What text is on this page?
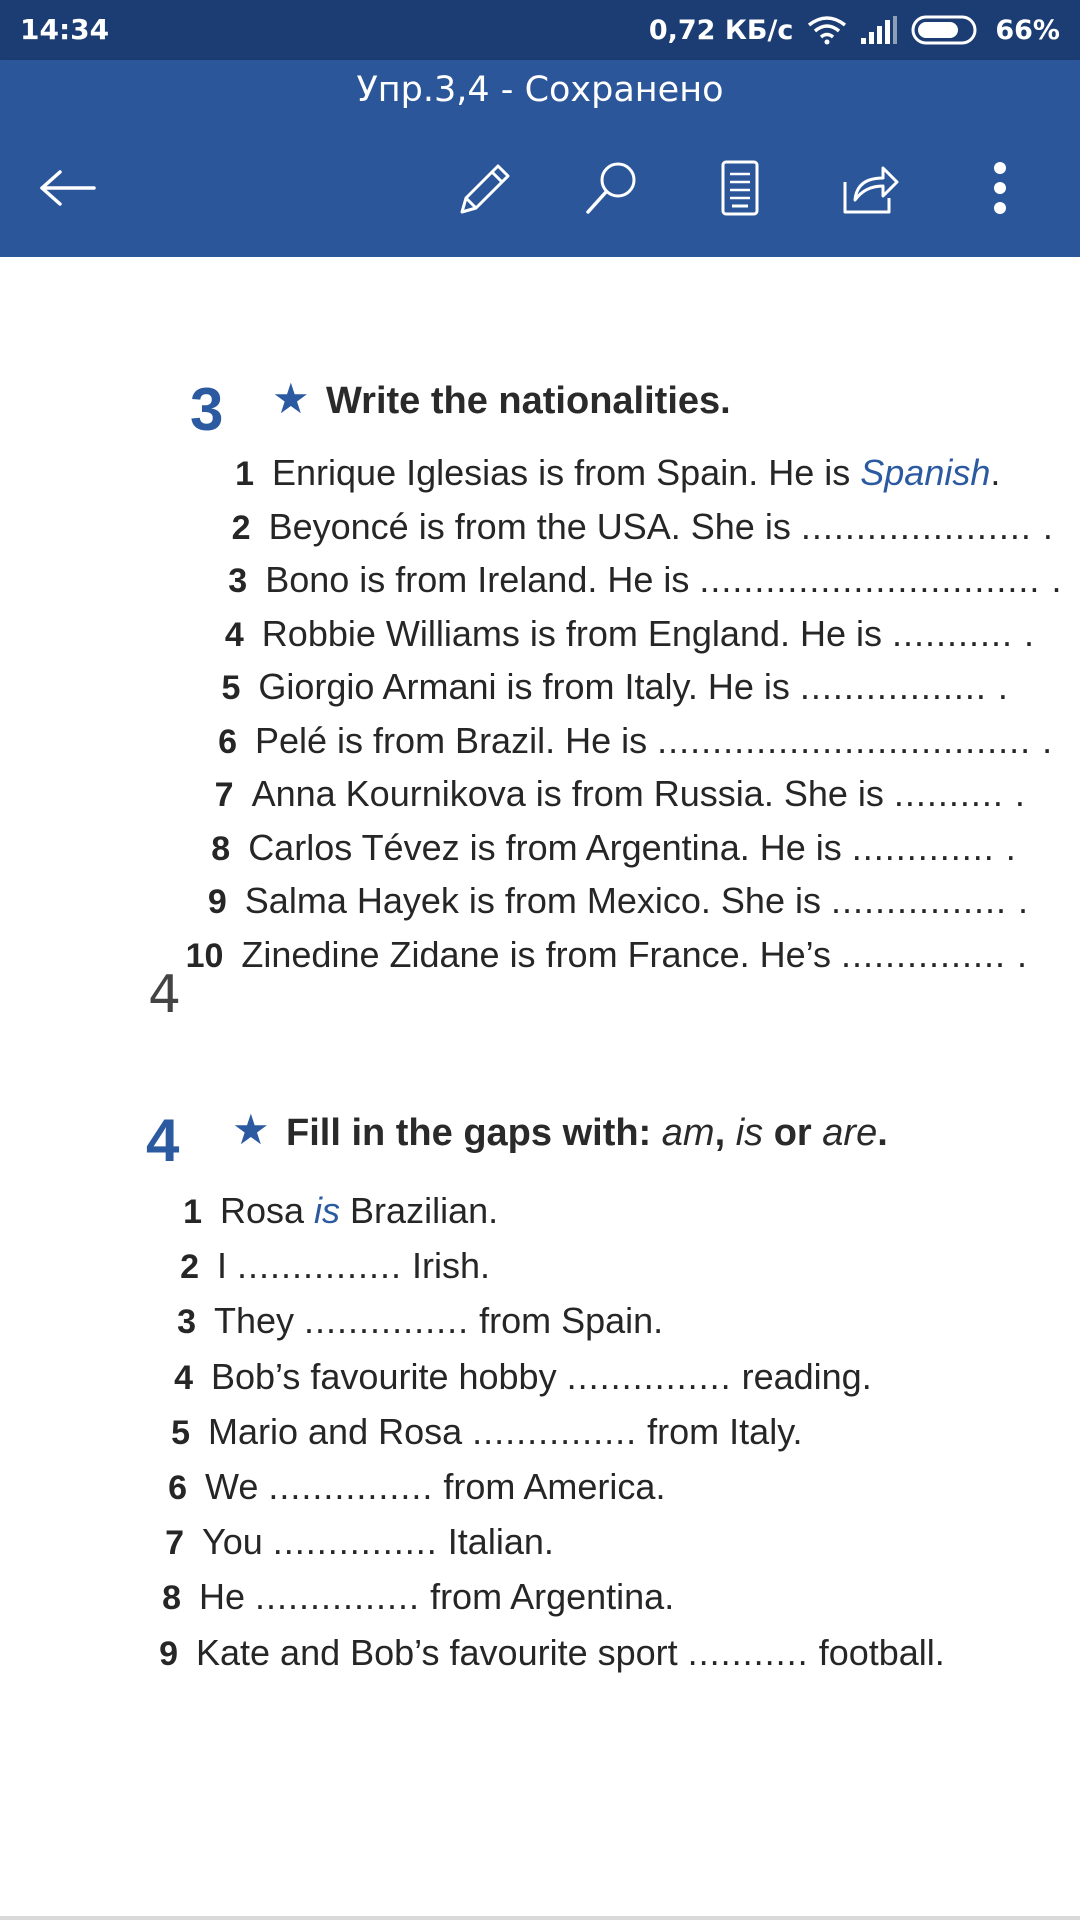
14:34	0,72 КБ/с	66%
Упр.3,4 - Сохранено
3 ★ Write the nationalities.
1 Enrique Iglesias is from Spain. He is Spanish.
2 Beyoncé is from the USA. She is ..................... .
3 Bono is from Ireland. He is ............................... .
4 Robbie Williams is from England. He is ........... .
5 Giorgio Armani is from Italy. He is ................. .
6 Pelé is from Brazil. He is .................................. .
7 Anna Kournikova is from Russia. She is .......... .
8 Carlos Tévez is from Argentina. He is ............. .
9 Salma Hayek is from Mexico. She is ................ .
10 Zinedine Zidane is from France. He’s ............... .
4
4 ★ Fill in the gaps with: am, is or are.
1 Rosa is Brazilian.
2 I ............... Irish.
3 They ............... from Spain.
4 Bob’s favourite hobby ............... reading.
5 Mario and Rosa ............... from Italy.
6 We ............... from America.
7 You ............... Italian.
8 He ............... from Argentina.
9 Kate and Bob’s favourite sport ........... football.
